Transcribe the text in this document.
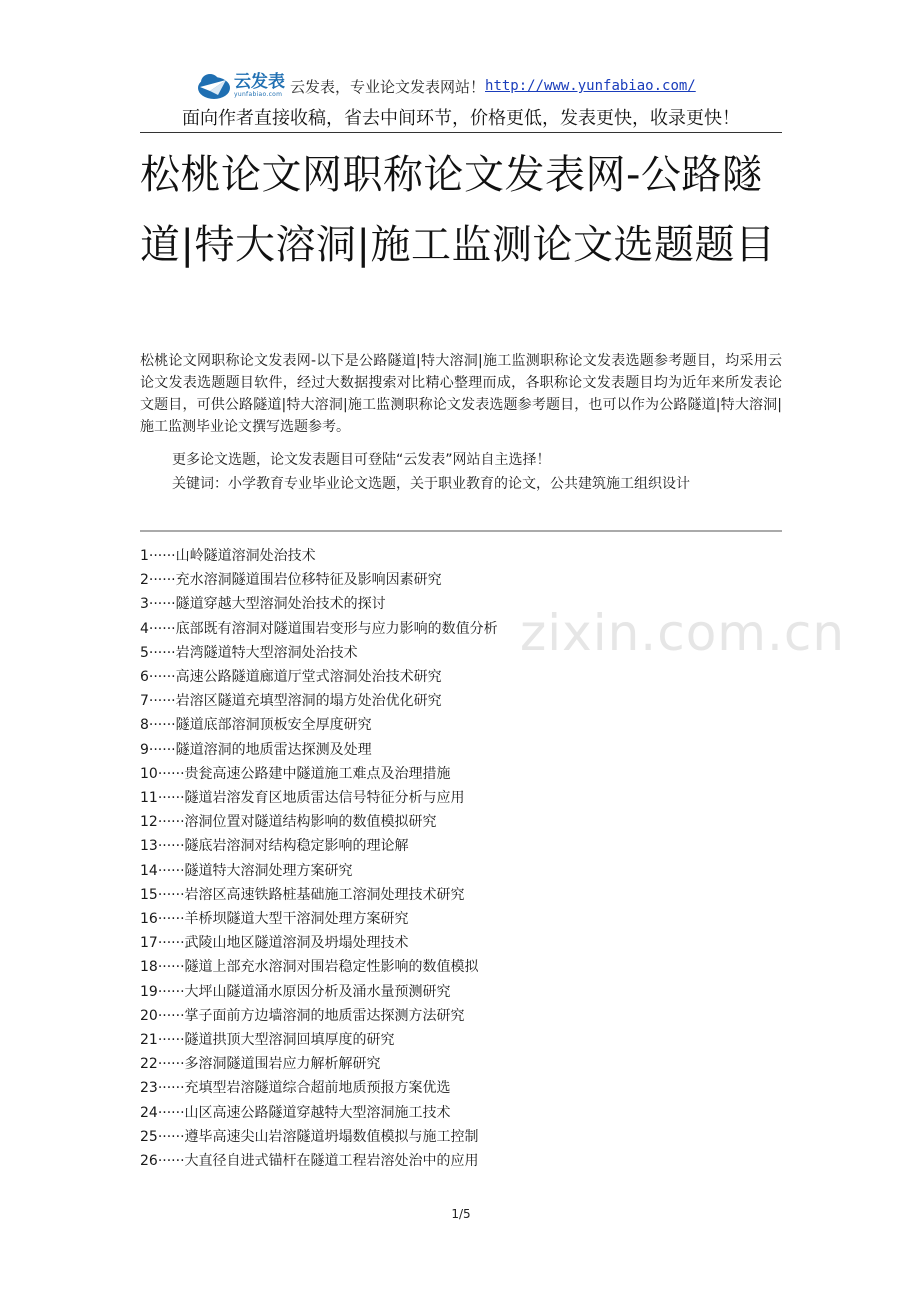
云发表
yunfabiao.com 云发表，专业论文发表网站！ http://www.yunfabiao.com/
面向作者直接收稿，省去中间环节，价格更低，发表更快，收录更快！
松桃论文网职称论文发表网-公路隧道|特大溶洞|施工监测论文选题题目

松桃论文网职称论文发表网-以下是公路隧道|特大溶洞|施工监测职称论文发表选题参考题目，均采用云论文发表选题题目软件，经过大数据搜索对比精心整理而成，各职称论文发表题目均为近年来所发表论文题目，可供公路隧道|特大溶洞|施工监测职称论文发表选题参考题目，也可以作为公路隧道|特大溶洞|施工监测毕业论文撰写选题参考。

更多论文选题，论文发表题目可登陆“云发表”网站自主选择！
关键词：小学教育专业毕业论文选题，关于职业教育的论文，公共建筑施工组织设计
zixin.com.cn
1······山岭隧道溶洞处治技术
2······充水溶洞隧道围岩位移特征及影响因素研究
3······隧道穿越大型溶洞处治技术的探讨
4······底部既有溶洞对隧道围岩变形与应力影响的数值分析
5······岩湾隧道特大型溶洞处治技术
6······高速公路隧道廊道厅堂式溶洞处治技术研究
7······岩溶区隧道充填型溶洞的塌方处治优化研究
8······隧道底部溶洞顶板安全厚度研究
9······隧道溶洞的地质雷达探测及处理
10······贵瓮高速公路建中隧道施工难点及治理措施
11······隧道岩溶发育区地质雷达信号特征分析与应用
12······溶洞位置对隧道结构影响的数值模拟研究
13······隧底岩溶洞对结构稳定影响的理论解
14······隧道特大溶洞处理方案研究
15······岩溶区高速铁路桩基础施工溶洞处理技术研究
16······羊桥坝隧道大型干溶洞处理方案研究
17······武陵山地区隧道溶洞及坍塌处理技术
18······隧道上部充水溶洞对围岩稳定性影响的数值模拟
19······大坪山隧道涌水原因分析及涌水量预测研究
20······掌子面前方边墙溶洞的地质雷达探测方法研究
21······隧道拱顶大型溶洞回填厚度的研究
22······多溶洞隧道围岩应力解析解研究
23······充填型岩溶隧道综合超前地质预报方案优选
24······山区高速公路隧道穿越特大型溶洞施工技术
25······遵毕高速尖山岩溶隧道坍塌数值模拟与施工控制
26······大直径自进式锚杆在隧道工程岩溶处治中的应用
1/5
